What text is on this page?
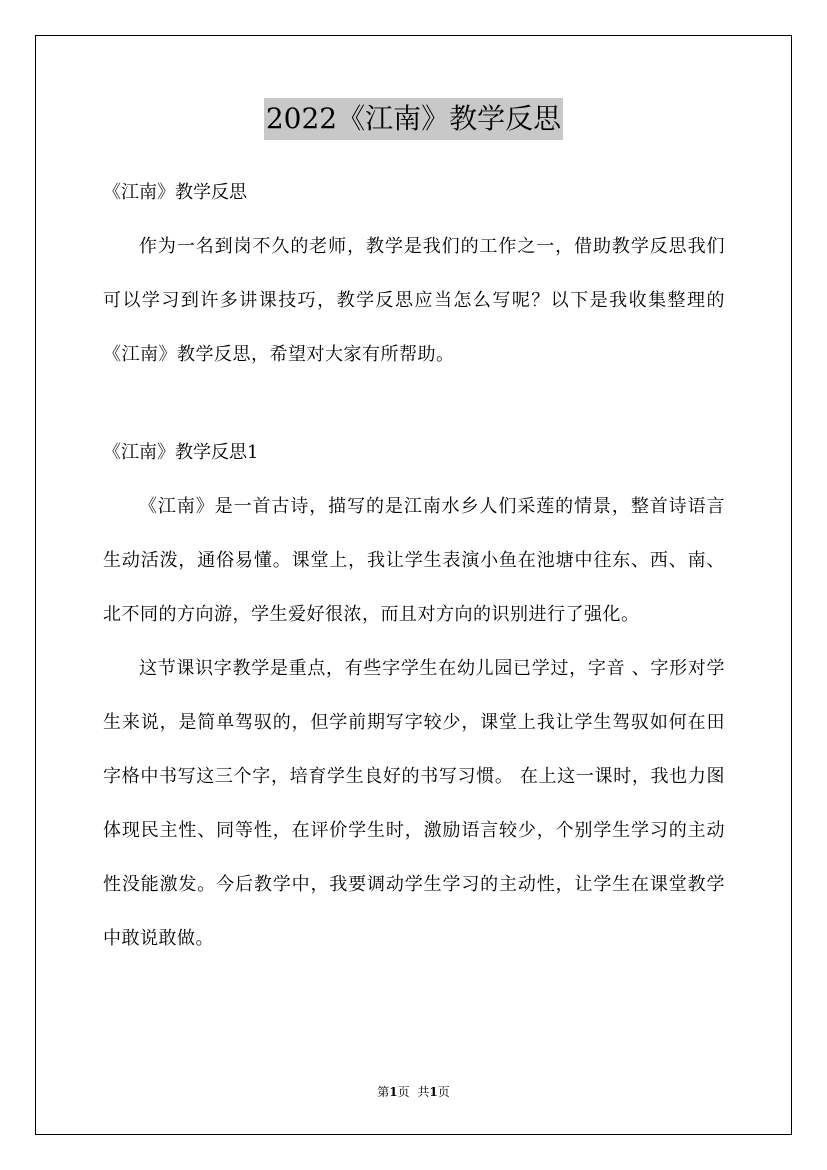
2022《江南》教学反思

《江南》教学反思

作为一名到岗不久的老师，教学是我们的工作之一，借助教学反思我们可以学习到许多讲课技巧，教学反思应当怎么写呢？以下是我收集整理的《江南》教学反思，希望对大家有所帮助。

《江南》教学反思1

《江南》是一首古诗，描写的是江南水乡人们采莲的情景，整首诗语言生动活泼，通俗易懂。课堂上，我让学生表演小鱼在池塘中往东、西、南、北不同的方向游，学生爱好很浓，而且对方向的识别进行了强化。

这节课识字教学是重点，有些字学生在幼儿园已学过，字音 、字形对学生来说，是简单驾驭的，但学前期写字较少，课堂上我让学生驾驭如何在田字格中书写这三个字，培育学生良好的书写习惯。 在上这一课时，我也力图体现民主性、同等性，在评价学生时，激励语言较少，个别学生学习的主动性没能激发。今后教学中，我要调动学生学习的主动性，让学生在课堂教学中敢说敢做。

第1页 共1页
